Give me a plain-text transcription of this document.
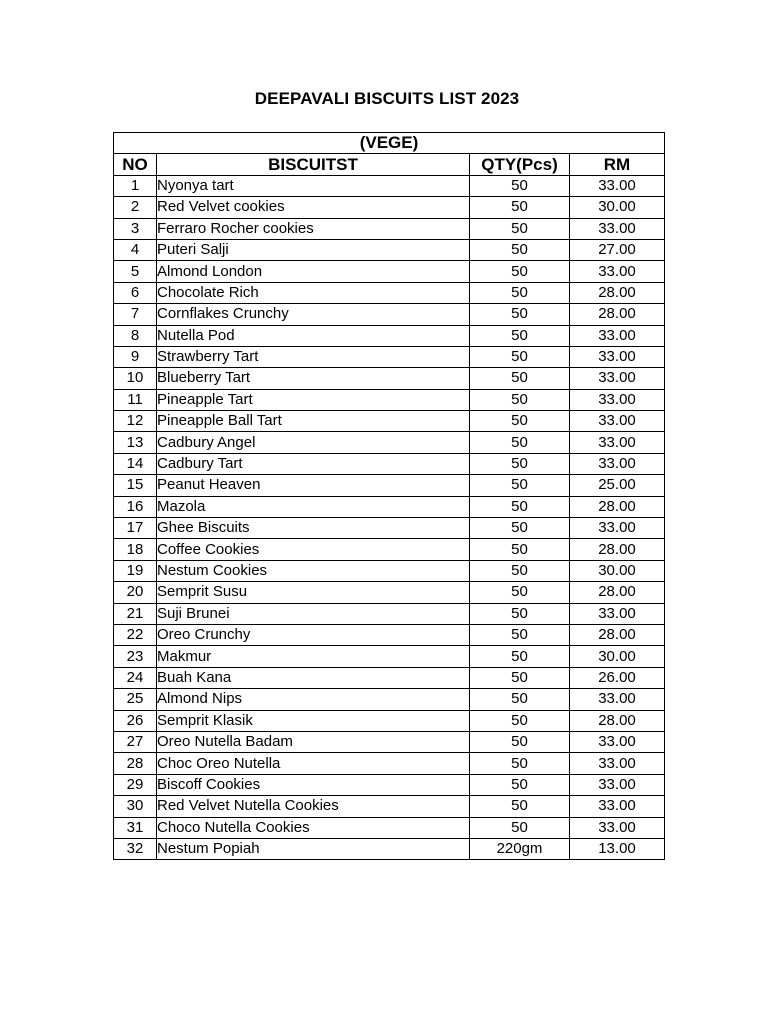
DEEPAVALI BISCUITS LIST 2023
(VEGE)			
NO	BISCUITST	QTY(Pcs)	RM
1	Nyonya tart	50	33.00
2	Red Velvet cookies	50	30.00
3	Ferraro Rocher cookies	50	33.00
4	Puteri Salji	50	27.00
5	Almond London	50	33.00
6	Chocolate Rich	50	28.00
7	Cornflakes Crunchy	50	28.00
8	Nutella Pod	50	33.00
9	Strawberry Tart	50	33.00
10	Blueberry Tart	50	33.00
11	Pineapple Tart	50	33.00
12	Pineapple Ball Tart	50	33.00
13	Cadbury Angel	50	33.00
14	Cadbury Tart	50	33.00
15	Peanut Heaven	50	25.00
16	Mazola	50	28.00
17	Ghee Biscuits	50	33.00
18	Coffee Cookies	50	28.00
19	Nestum Cookies	50	30.00
20	Semprit Susu	50	28.00
21	Suji Brunei	50	33.00
22	Oreo Crunchy	50	28.00
23	Makmur	50	30.00
24	Buah Kana	50	26.00
25	Almond Nips	50	33.00
26	Semprit Klasik	50	28.00
27	Oreo Nutella Badam	50	33.00
28	Choc Oreo Nutella	50	33.00
29	Biscoff Cookies	50	33.00
30	Red Velvet Nutella Cookies	50	33.00
31	Choco Nutella Cookies	50	33.00
32	Nestum Popiah	220gm	13.00
